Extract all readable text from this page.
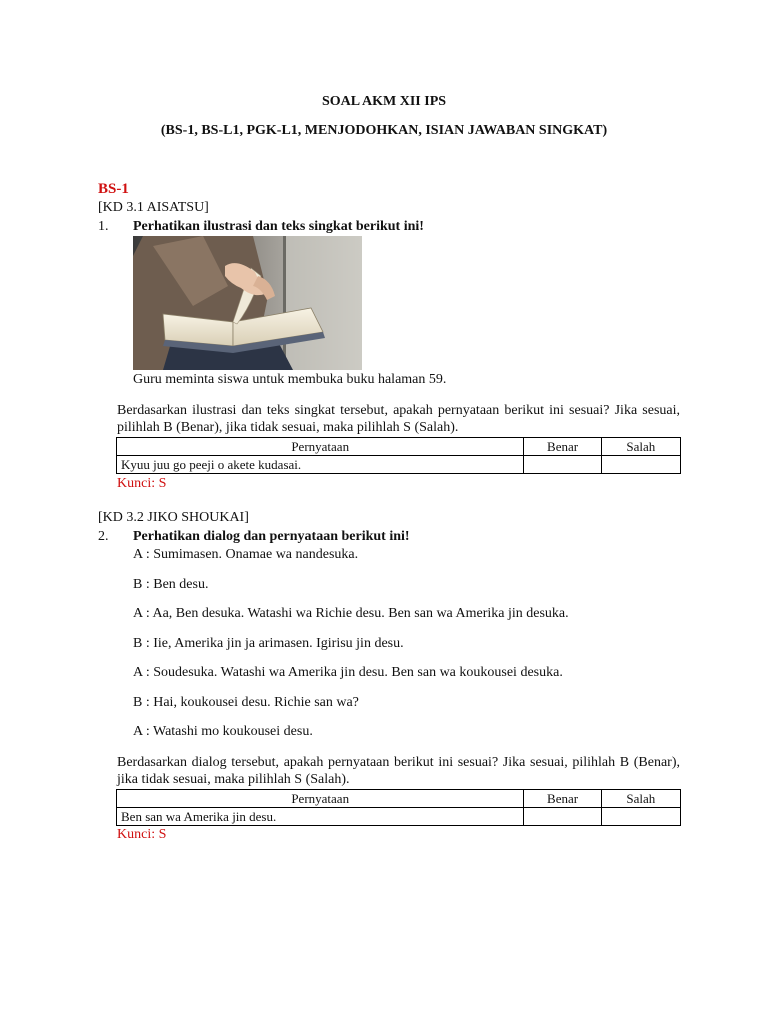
SOAL AKM XII IPS
(BS-1, BS-L1, PGK-L1, MENJODOHKAN, ISIAN JAWABAN SINGKAT)
BS-1
[KD 3.1 AISATSU]
1. Perhatikan ilustrasi dan teks singkat berikut ini!
Guru meminta siswa untuk membuka buku halaman 59.
Berdasarkan ilustrasi dan teks singkat tersebut, apakah pernyataan berikut ini sesuai? Jika sesuai, pilihlah B (Benar), jika tidak sesuai, maka pilihlah S (Salah).
Pernyataan	Benar	Salah
Kyuu juu go peeji o akete kudasai.		
Kunci: S
[KD 3.2 JIKO SHOUKAI]
2. Perhatikan dialog dan pernyataan berikut ini!
A : Sumimasen. Onamae wa nandesuka.
B : Ben desu.
A : Aa, Ben desuka. Watashi wa Richie desu. Ben san wa Amerika jin desuka.
B : Iie, Amerika jin ja arimasen. Igirisu jin desu.
A : Soudesuka. Watashi wa Amerika jin desu. Ben san wa koukousei desuka.
B : Hai, koukousei desu. Richie san wa?
A : Watashi mo koukousei desu.
Berdasarkan dialog tersebut, apakah pernyataan berikut ini sesuai? Jika sesuai, pilihlah B (Benar), jika tidak sesuai, maka pilihlah S (Salah).
Pernyataan	Benar	Salah
Ben san wa Amerika jin desu.		
Kunci: S
